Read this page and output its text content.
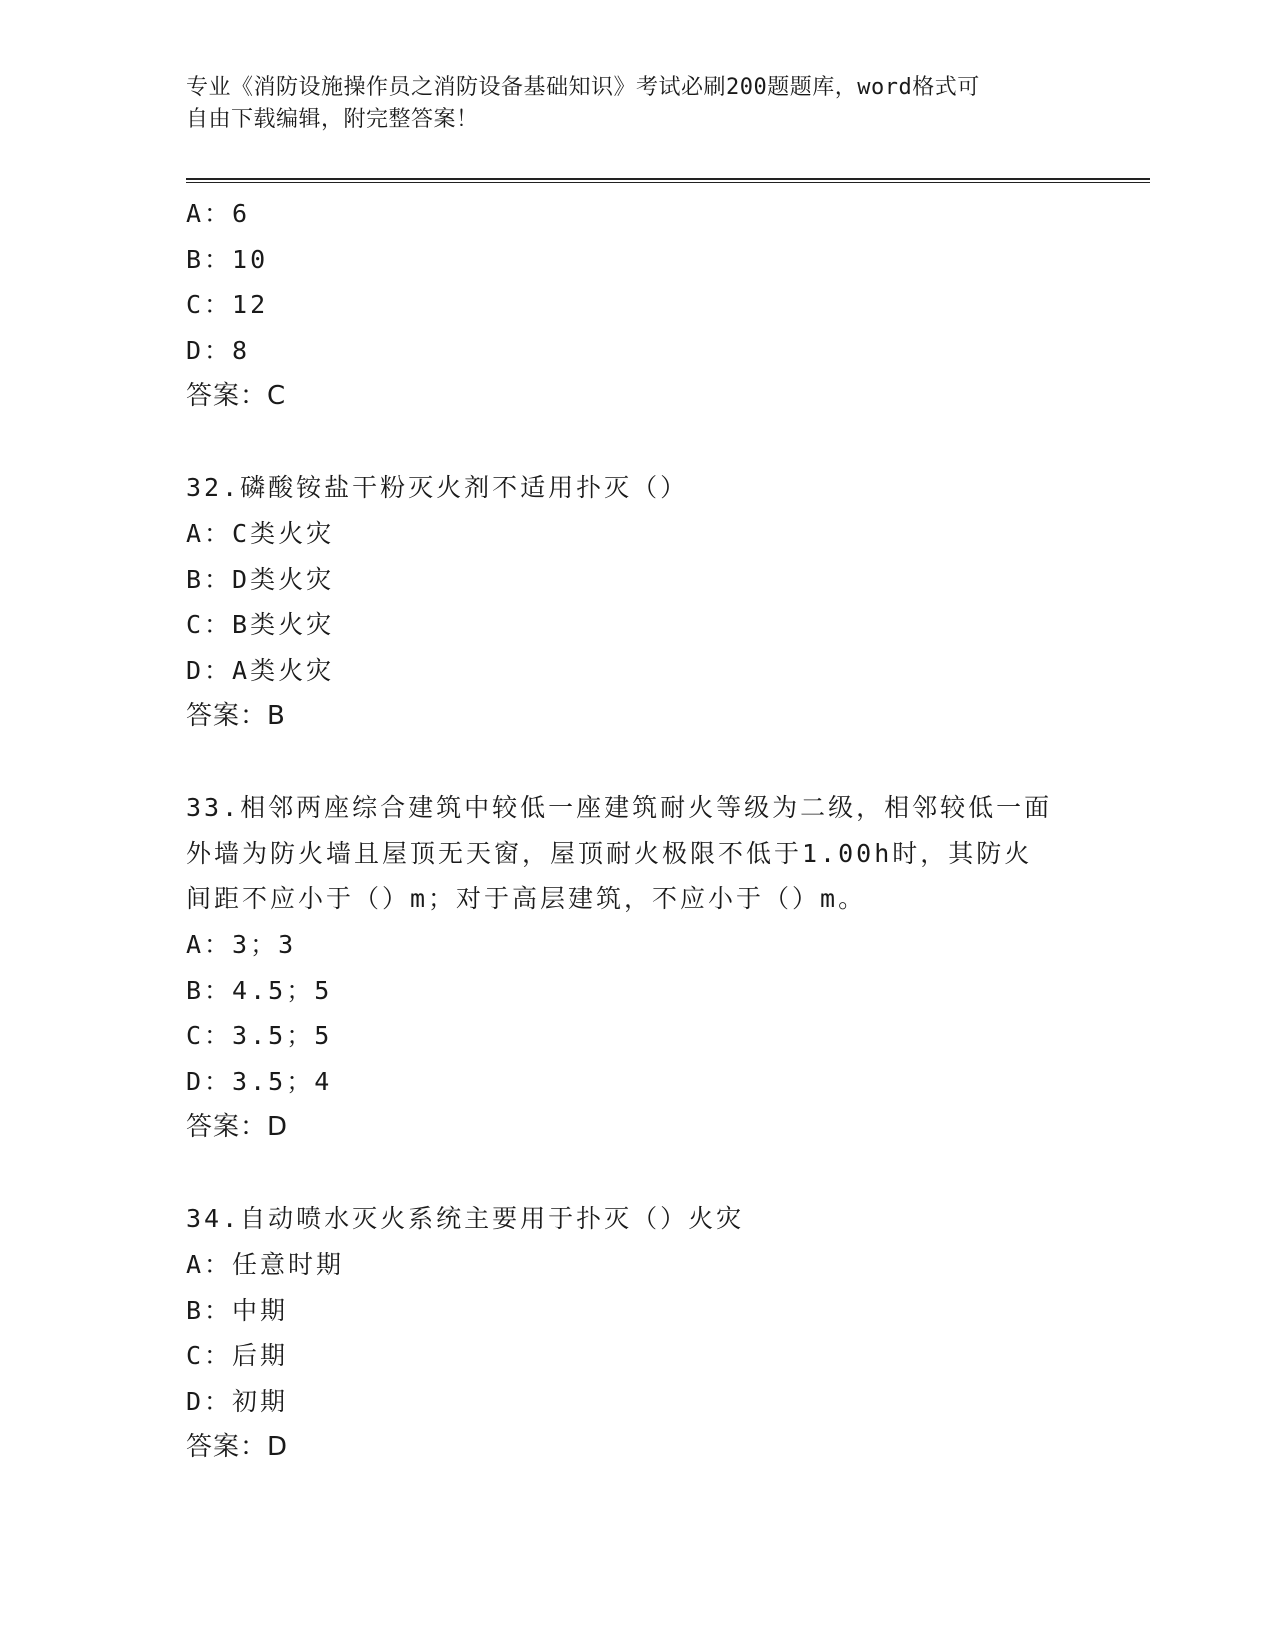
专业《消防设施操作员之消防设备基础知识》考试必刷200题题库，word格式可
自由下载编辑，附完整答案！
A：6
B：10
C：12
D：8
答案：C
32.磷酸铵盐干粉灭火剂不适用扑灭（）
A：C类火灾
B：D类火灾
C：B类火灾
D：A类火灾
答案：B
33.相邻两座综合建筑中较低一座建筑耐火等级为二级，相邻较低一面
外墙为防火墙且屋顶无天窗，屋顶耐火极限不低于1.00h时，其防火
间距不应小于（）m；对于高层建筑，不应小于（）m。
A：3；3
B：4.5；5
C：3.5；5
D：3.5；4
答案：D
34.自动喷水灭火系统主要用于扑灭（）火灾
A：任意时期
B：中期
C：后期
D：初期
答案：D
